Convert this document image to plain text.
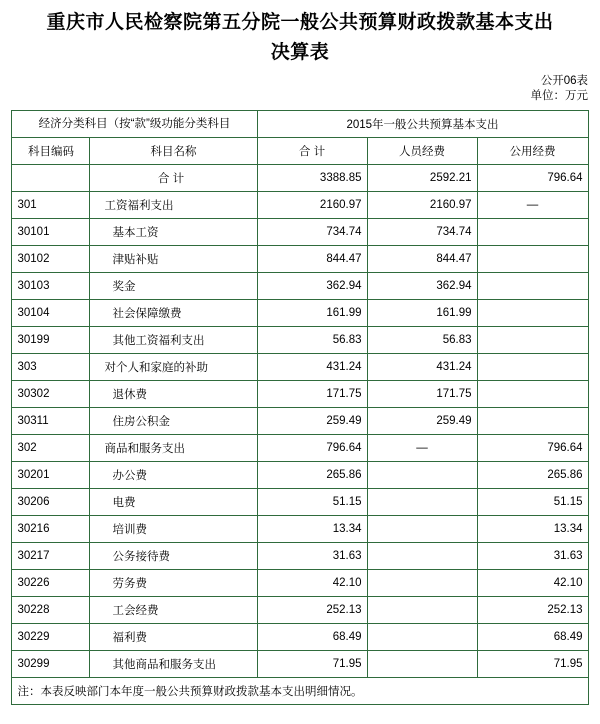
重庆市人民检察院第五分院一般公共预算财政拨款基本支出决算表
公开06表
单位：万元
经济分类科目（按“款”级功能分类科目		2015年一般公共预算基本支出		
科目编码	科目名称	合 计	人员经费	公用经费
	合 计	3388.85	2592.21	796.64
301	工资福利支出	2160.97	2160.97	—
30101	基本工资	734.74	734.74	
30102	津贴补贴	844.47	844.47	
30103	奖金	362.94	362.94	
30104	社会保障缴费	161.99	161.99	
30199	其他工资福利支出	56.83	56.83	
303	对个人和家庭的补助	431.24	431.24	
30302	退休费	171.75	171.75	
30311	住房公积金	259.49	259.49	
302	商品和服务支出	796.64	—	796.64
30201	办公费	265.86		265.86
30206	电费	51.15		51.15
30216	培训费	13.34		13.34
30217	公务接待费	31.63		31.63
30226	劳务费	42.10		42.10
30228	工会经费	252.13		252.13
30229	福利费	68.49		68.49
30299	其他商品和服务支出	71.95		71.95
注：本表反映部门本年度一般公共预算财政拨款基本支出明细情况。				
